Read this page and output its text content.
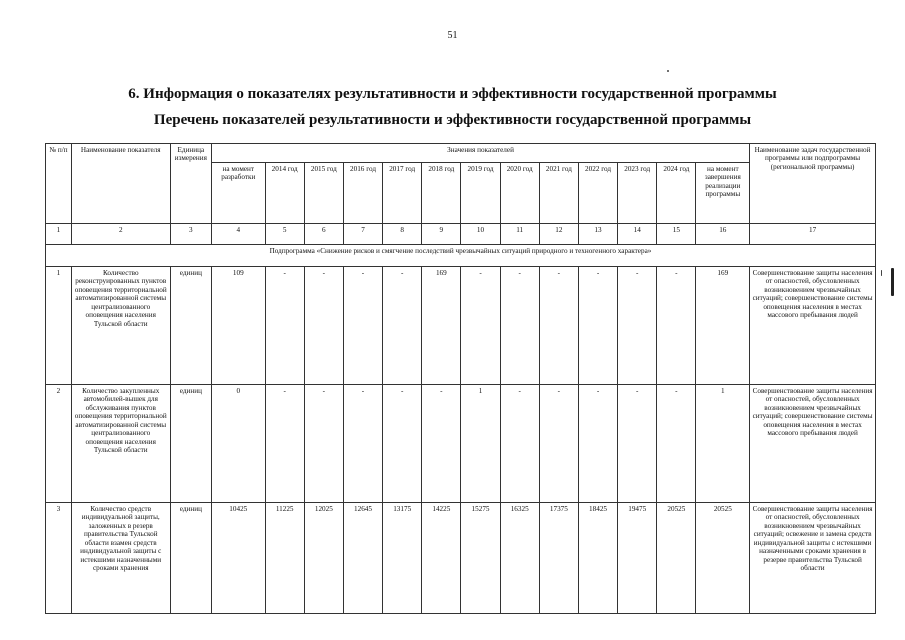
51
6. Информация о показателях результативности и эффективности государственной программы
Перечень показателей результативности и эффективности государственной программы
№ п/п	Наименование показателя	Единица измерения	Значения показателей													Наименование задач государственной программы или подпрограммы (региональной программы)
			на момент разработки	2014 год	2015 год	2016 год	2017 год	2018 год	2019 год	2020 год	2021 год	2022 год	2023 год	2024 год	на момент завершения реализации программы	
1	2	3	4	5	6	7	8	9	10	11	12	13	14	15	16	17
Подпрограмма «Снижение рисков и смягчение последствий чрезвычайных ситуаций природного и техногенного характера»																
1	Количество реконструированных пунктов оповещения территориальной автоматизированной системы централизованного оповещения населения Тульской области	единиц	109	-	-	-	-	169	-	-	-	-	-	-	169	Совершенствование защиты населения от опасностей, обусловленных возникновением чрезвычайных ситуаций; совершенствование системы оповещения населения в местах массового пребывания людей
2	Количество закупленных автомобилей-вышек для обслуживания пунктов оповещения территориальной автоматизированной системы централизованного оповещения населения Тульской области	единиц	0	-	-	-	-	-	1	-	-	-	-	-	1	Совершенствование защиты населения от опасностей, обусловленных возникновением чрезвычайных ситуаций; совершенствование системы оповещения населения в местах массового пребывания людей
3	Количество средств индивидуальной защиты, заложенных в резерв правительства Тульской области взамен средств индивидуальной защиты с истекшими назначенными сроками хранения	единиц	10425	11225	12025	12645	13175	14225	15275	16325	17375	18425	19475	20525	20525	Совершенствование защиты населения от опасностей, обусловленных возникновением чрезвычайных ситуаций; освежение и замена средств индивидуальной защиты с истекшими назначенными сроками хранения в резерве правительства Тульской области
